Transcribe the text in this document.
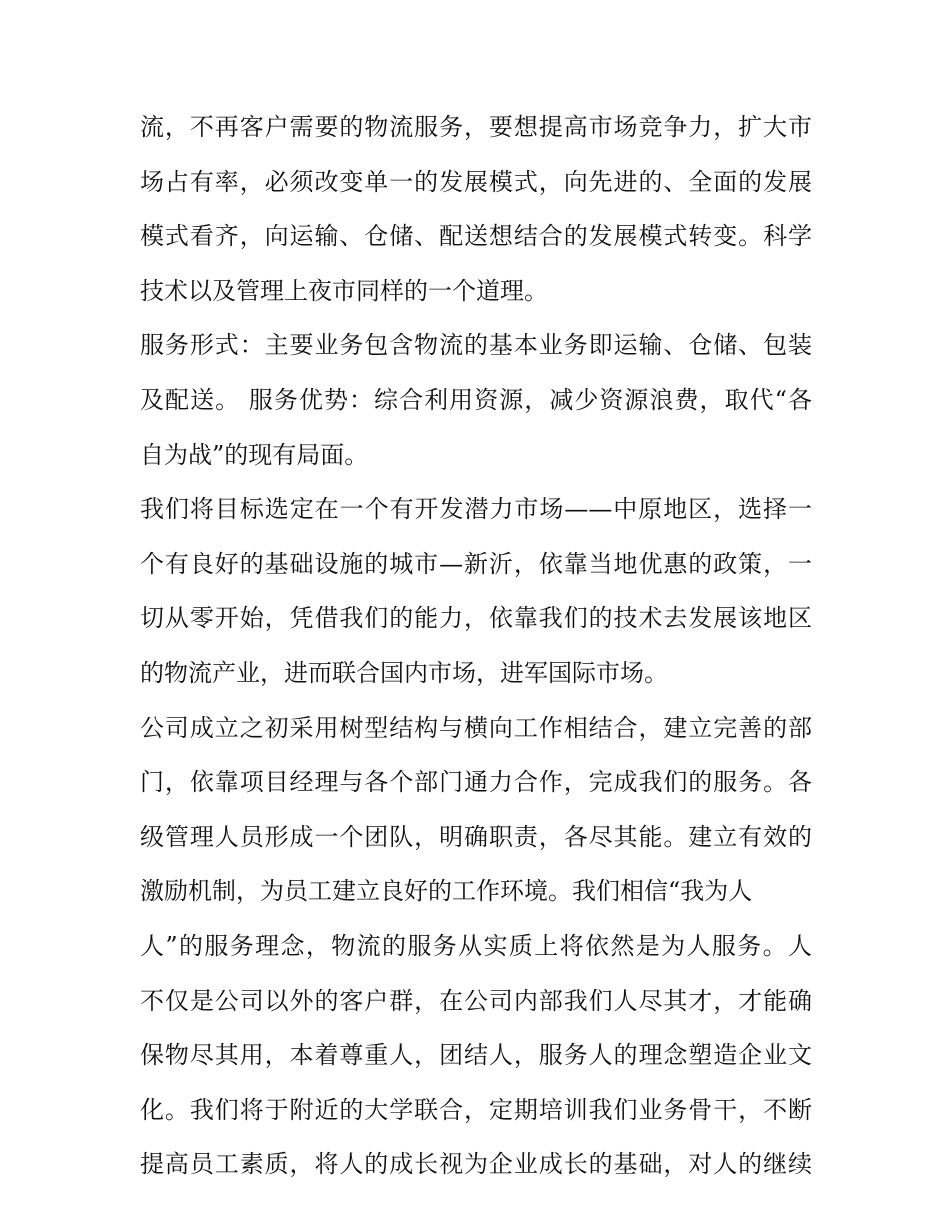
流，不再客户需要的物流服务，要想提高市场竞争力，扩大市
场占有率，必须改变单一的发展模式，向先进的、全面的发展
模式看齐，向运输、仓储、配送想结合的发展模式转变。科学
技术以及管理上夜市同样的一个道理。
服务形式：主要业务包含物流的基本业务即运输、仓储、包装
及配送。 服务优势：综合利用资源，减少资源浪费，取代“各
自为战”的现有局面。
我们将目标选定在一个有开发潜力市场——中原地区，选择一
个有良好的基础设施的城市—新沂，依靠当地优惠的政策，一
切从零开始，凭借我们的能力，依靠我们的技术去发展该地区
的物流产业，进而联合国内市场，进军国际市场。
公司成立之初采用树型结构与横向工作相结合，建立完善的部
门，依靠项目经理与各个部门通力合作，完成我们的服务。各
级管理人员形成一个团队，明确职责，各尽其能。建立有效的
激励机制，为员工建立良好的工作环境。我们相信“我为人
人”的服务理念，物流的服务从实质上将依然是为人服务。人
不仅是公司以外的客户群，在公司内部我们人尽其才，才能确
保物尽其用，本着尊重人，团结人，服务人的理念塑造企业文
化。我们将于附近的大学联合，定期培训我们业务骨干，不断
提高员工素质，将人的成长视为企业成长的基础，对人的继续
